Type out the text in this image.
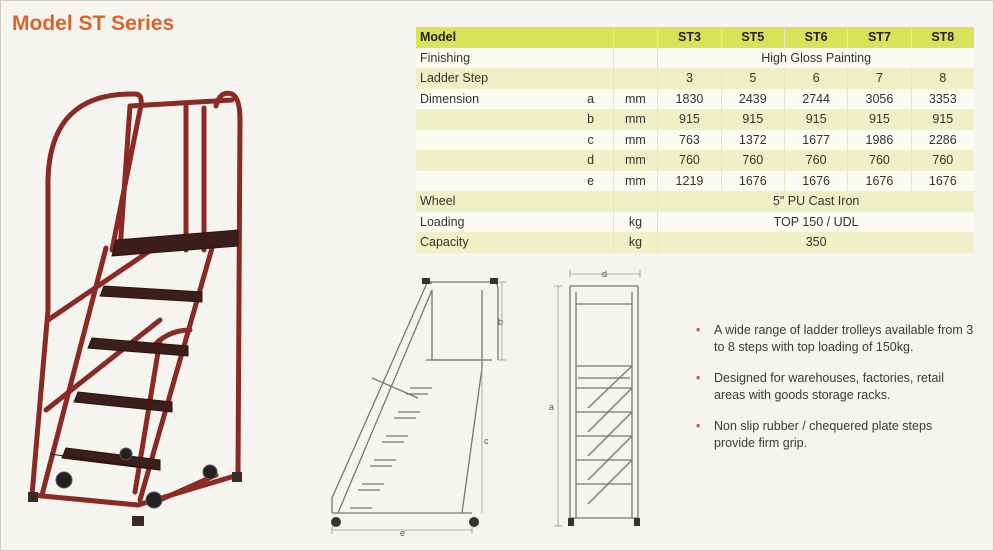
Model ST Series
Model			ST3	ST5	ST6	ST7	ST8
Finishing			High Gloss Painting				
Ladder Step			3	5	6	7	8
Dimension	a	mm	1830	2439	2744	3056	3353
	b	mm	915	915	915	915	915
	c	mm	763	1372	1677	1986	2286
	d	mm	760	760	760	760	760
	e	mm	1219	1676	1676	1676	1676
Wheel			5" PU Cast Iron				
Loading		kg	TOP 150 / UDL				
Capacity		kg	350				
b
c
e
d
a
• A wide range of ladder trolleys available from 3 to 8 steps with top loading of 150kg.
• Designed for warehouses, factories, retail areas with goods storage racks.
• Non slip rubber / chequered plate steps provide firm grip.
